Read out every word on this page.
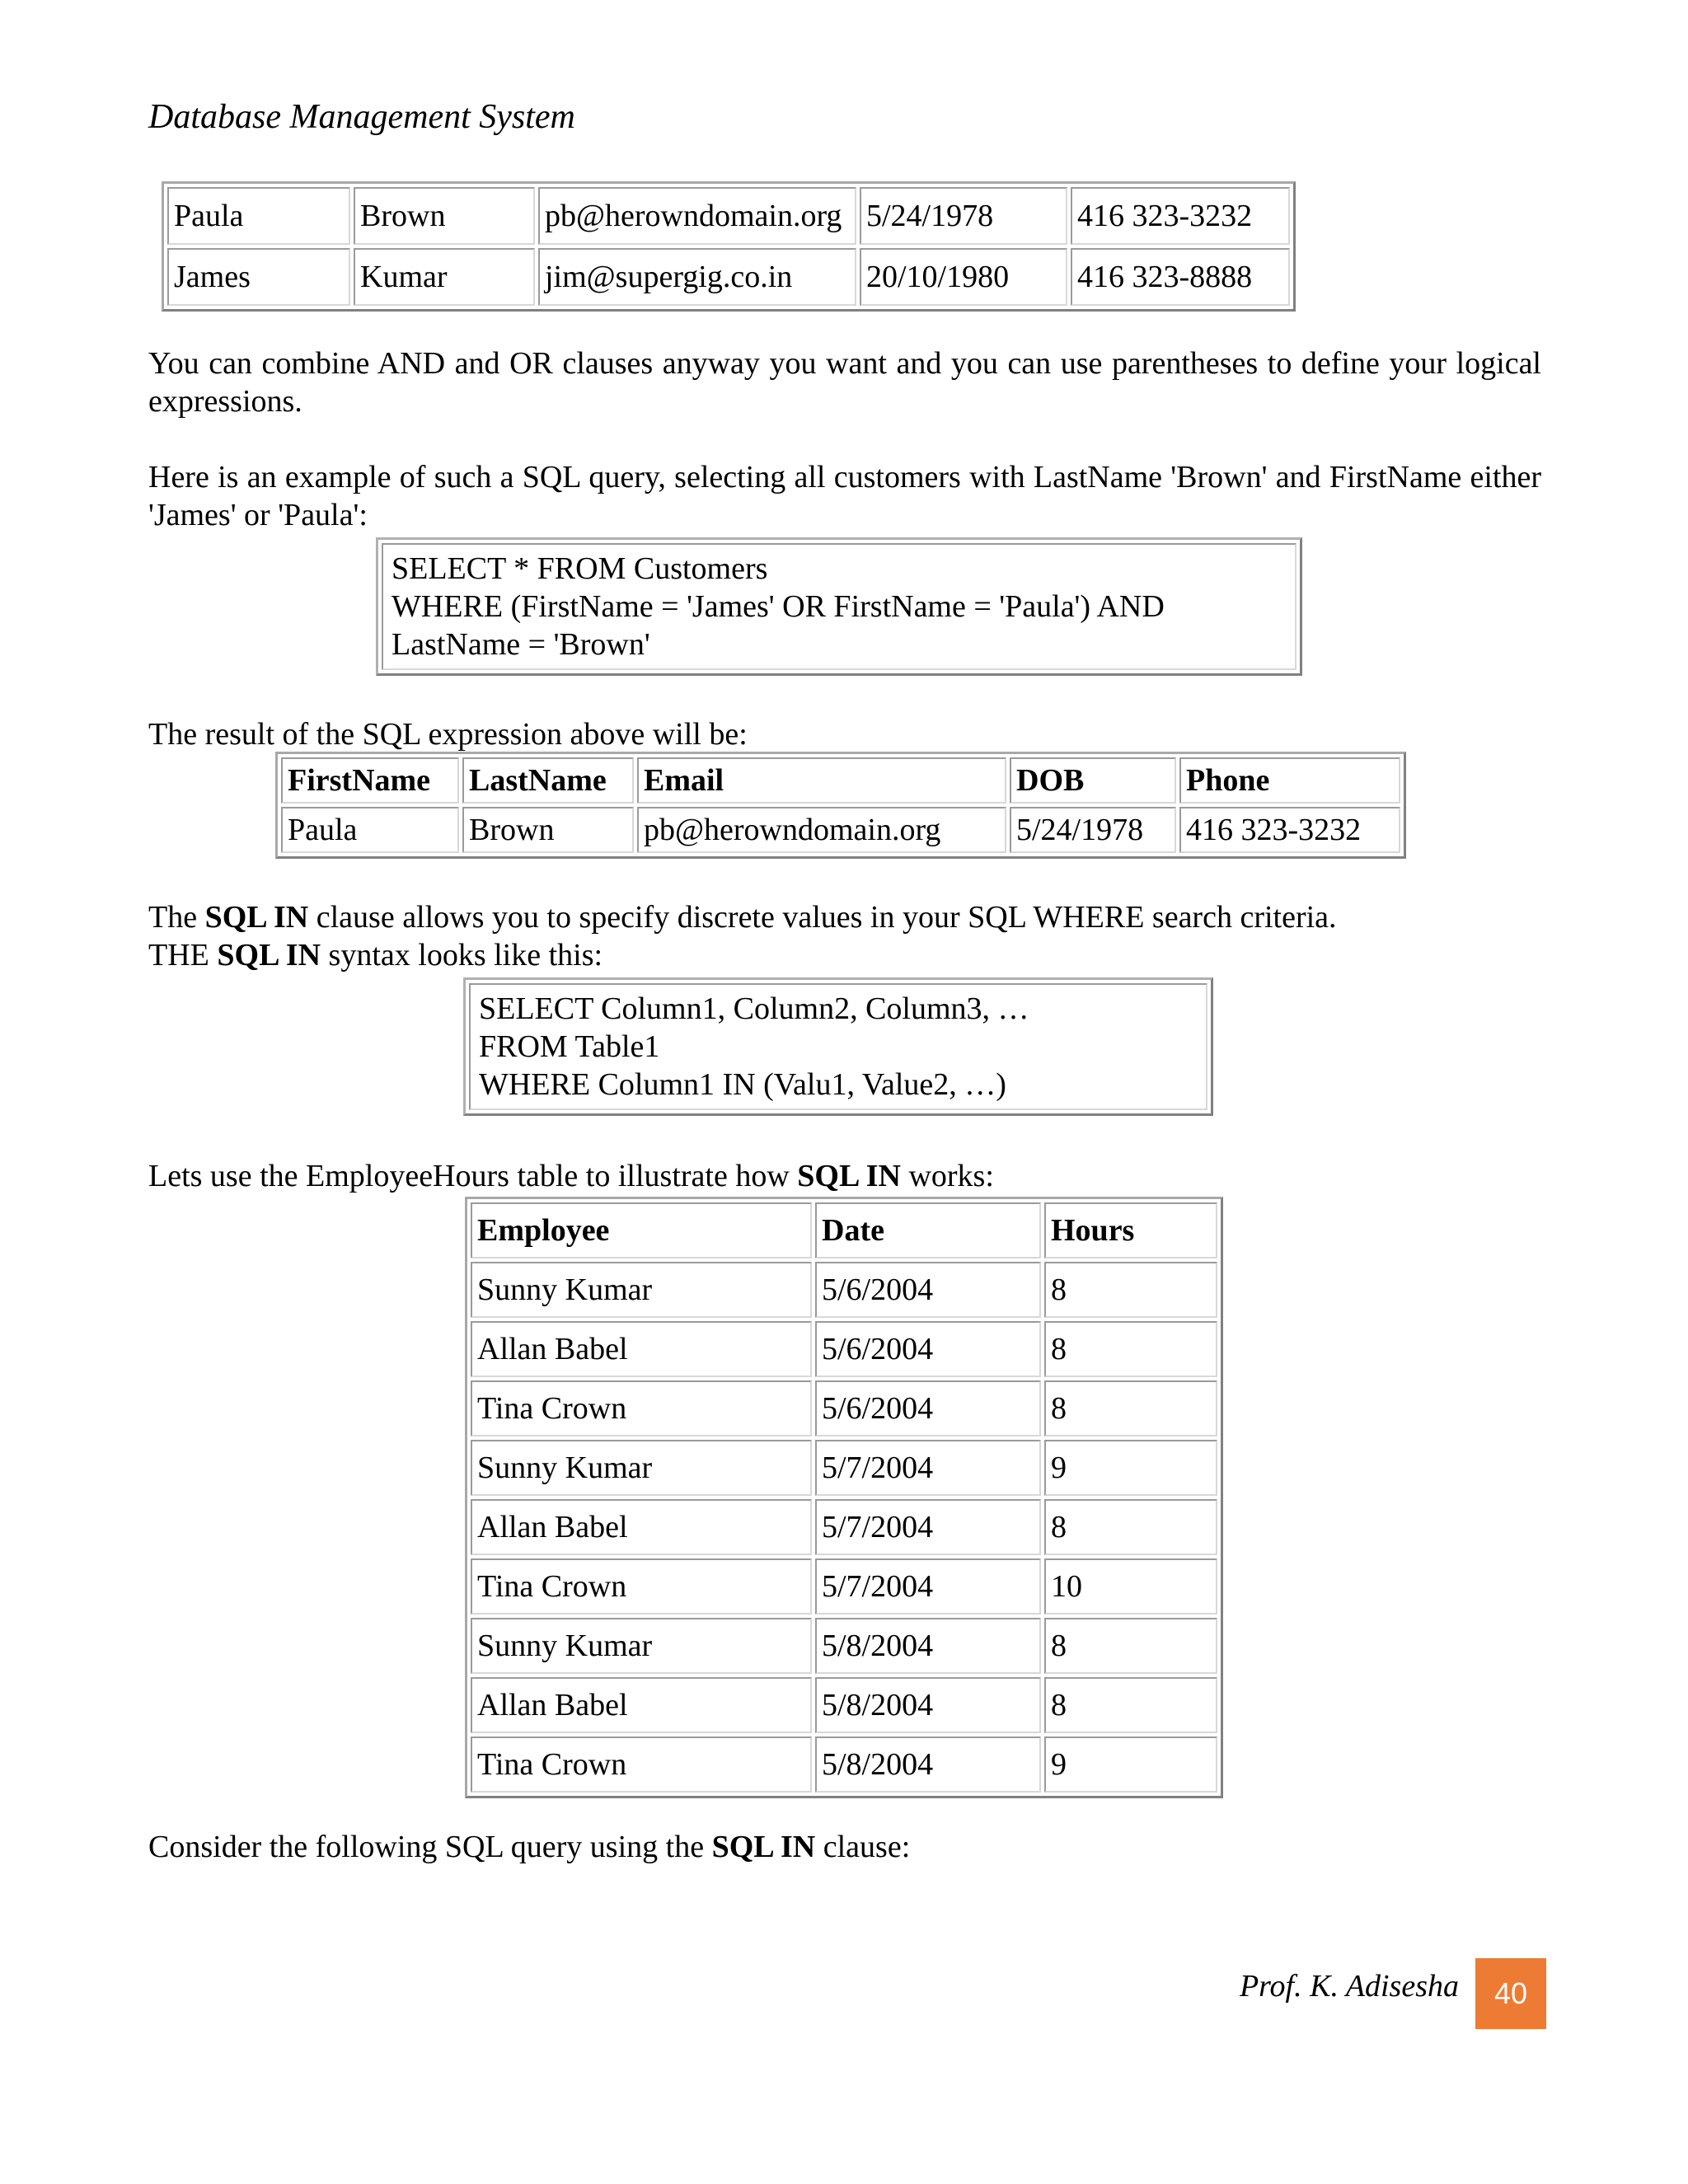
Database Management System
Paula	Brown	pb@herowndomain.org	5/24/1978	416 323-3232
James	Kumar	jim@supergig.co.in	20/10/1980	416 323-8888
You can combine AND and OR clauses anyway you want and you can use parentheses to define your logical expressions.
Here is an example of such a SQL query, selecting all customers with LastName 'Brown' and FirstName either 'James' or 'Paula':
SELECT * FROM Customers
WHERE (FirstName = 'James' OR FirstName = 'Paula') AND
LastName = 'Brown'
The result of the SQL expression above will be:
FirstName	LastName	Email	DOB	Phone
Paula	Brown	pb@herowndomain.org	5/24/1978	416 323-3232
The SQL IN clause allows you to specify discrete values in your SQL WHERE search criteria.
THE SQL IN syntax looks like this:
SELECT Column1, Column2, Column3, …
FROM Table1
WHERE Column1 IN (Valu1, Value2, …)
Lets use the EmployeeHours table to illustrate how SQL IN works:
Employee	Date	Hours
Sunny Kumar	5/6/2004	8
Allan Babel	5/6/2004	8
Tina Crown	5/6/2004	8
Sunny Kumar	5/7/2004	9
Allan Babel	5/7/2004	8
Tina Crown	5/7/2004	10
Sunny Kumar	5/8/2004	8
Allan Babel	5/8/2004	8
Tina Crown	5/8/2004	9
Consider the following SQL query using the SQL IN clause:
Prof. K. Adisesha 40
